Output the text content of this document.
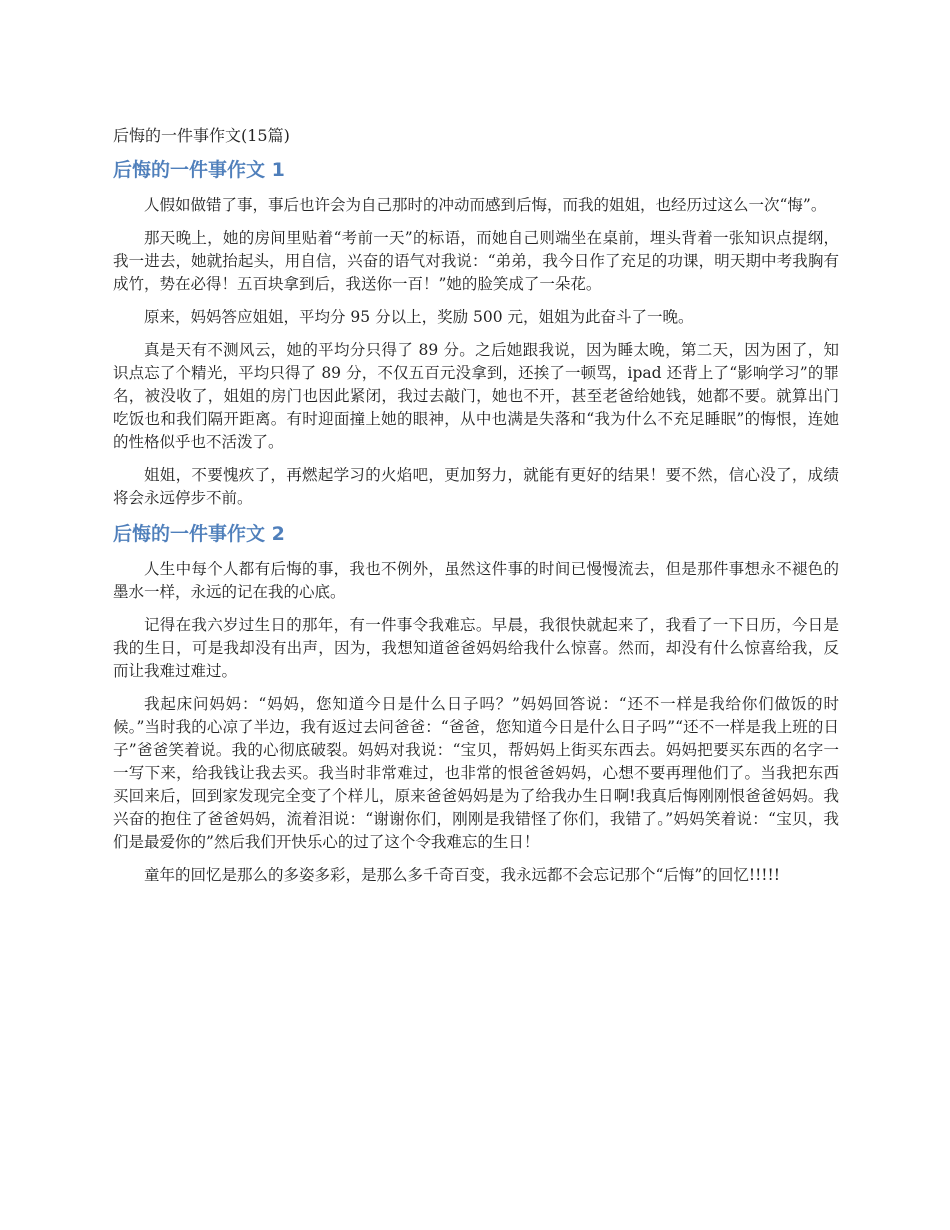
后悔的一件事作文(15篇)
后悔的一件事作文 1

人假如做错了事，事后也许会为自己那时的冲动而感到后悔，而我的姐姐，也经历过这么一次“悔”。

那天晚上，她的房间里贴着“考前一天”的标语，而她自己则端坐在桌前，埋头背着一张知识点提纲，我一进去，她就抬起头，用自信，兴奋的语气对我说：“弟弟，我今日作了充足的功课，明天期中考我胸有成竹，势在必得！五百块拿到后，我送你一百！”她的脸笑成了一朵花。

原来，妈妈答应姐姐，平均分 95 分以上，奖励 500 元，姐姐为此奋斗了一晚。

真是天有不测风云，她的平均分只得了 89 分。之后她跟我说，因为睡太晚，第二天，因为困了，知识点忘了个精光，平均只得了 89 分，不仅五百元没拿到，还挨了一顿骂，ipad 还背上了“影响学习”的罪名，被没收了，姐姐的房门也因此紧闭，我过去敲门，她也不开，甚至老爸给她钱，她都不要。就算出门吃饭也和我们隔开距离。有时迎面撞上她的眼神，从中也满是失落和“我为什么不充足睡眠”的悔恨，连她的性格似乎也不活泼了。

姐姐，不要愧疚了，再燃起学习的火焰吧，更加努力，就能有更好的结果！要不然，信心没了，成绩将会永远停步不前。

后悔的一件事作文 2

人生中每个人都有后悔的事，我也不例外，虽然这件事的时间已慢慢流去，但是那件事想永不褪色的墨水一样，永远的记在我的心底。

记得在我六岁过生日的那年，有一件事令我难忘。早晨，我很快就起来了，我看了一下日历，今日是我的生日，可是我却没有出声，因为，我想知道爸爸妈妈给我什么惊喜。然而，却没有什么惊喜给我，反而让我难过难过。

我起床问妈妈：“妈妈，您知道今日是什么日子吗？”妈妈回答说：“还不一样是我给你们做饭的时候。”当时我的心凉了半边，我有返过去问爸爸：“爸爸，您知道今日是什么日子吗”“还不一样是我上班的日子”爸爸笑着说。我的心彻底破裂。妈妈对我说：“宝贝，帮妈妈上街买东西去。妈妈把要买东西的名字一一写下来，给我钱让我去买。我当时非常难过，也非常的恨爸爸妈妈，心想不要再理他们了。当我把东西买回来后，回到家发现完全变了个样儿，原来爸爸妈妈是为了给我办生日啊!我真后悔刚刚恨爸爸妈妈。我兴奋的抱住了爸爸妈妈，流着泪说：“谢谢你们，刚刚是我错怪了你们，我错了。”妈妈笑着说：“宝贝，我们是最爱你的”然后我们开快乐心的过了这个令我难忘的生日！

童年的回忆是那么的多姿多彩，是那么多千奇百变，我永远都不会忘记那个“后悔”的回忆!!!!!
